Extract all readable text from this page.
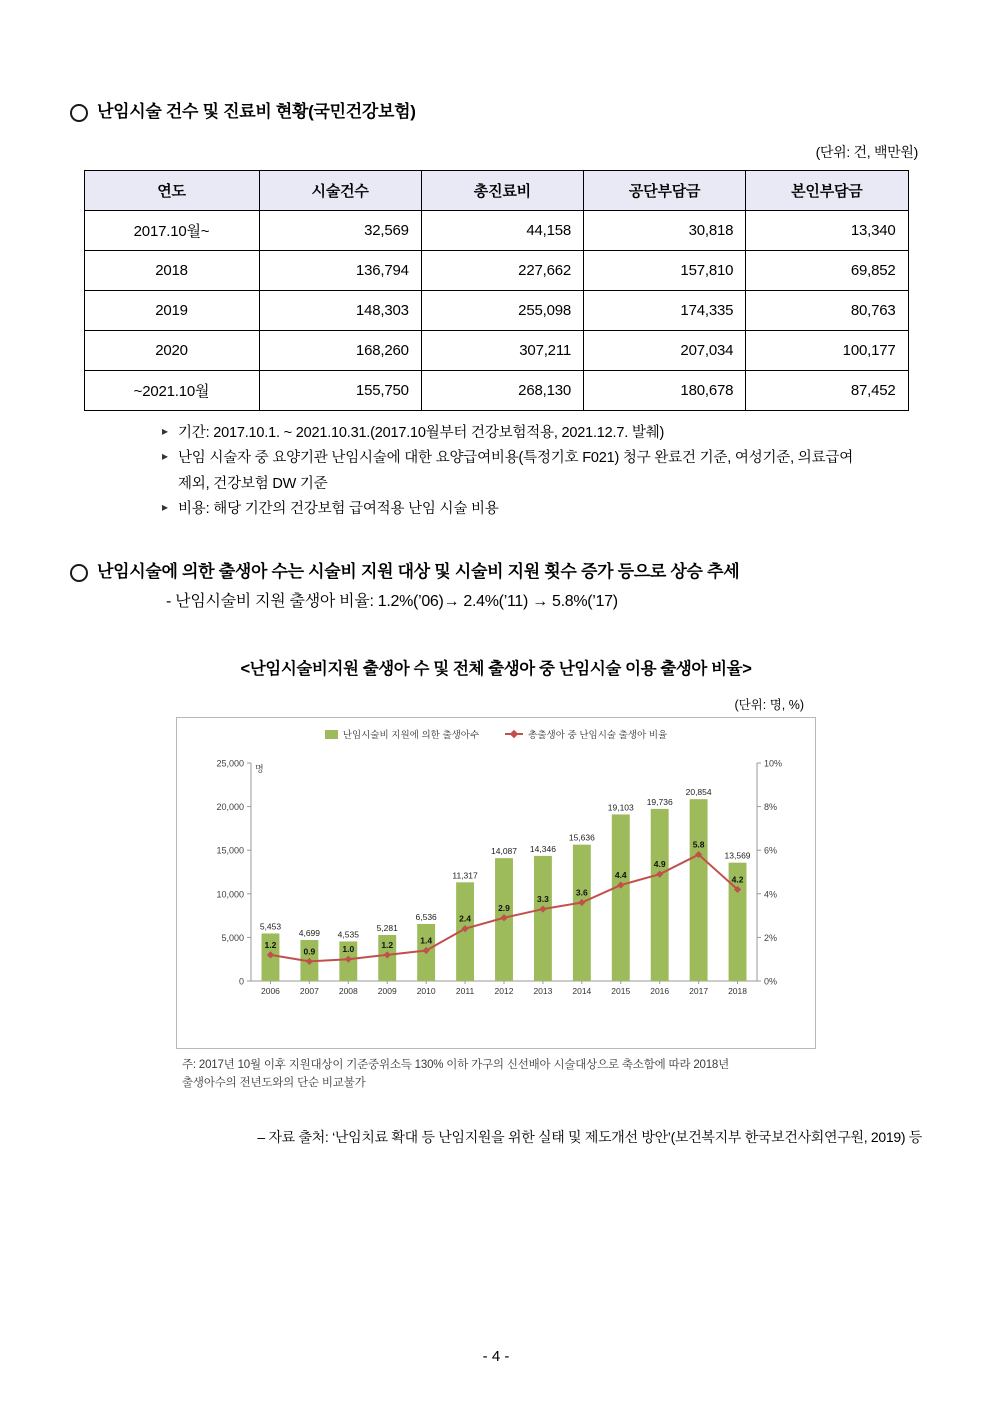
난임시술 건수 및 진료비 현황(국민건강보험)
(단위: 건, 백만원)
연도	시술건수	총진료비	공단부담금	본인부담금
2017.10월~	32,569	44,158	30,818	13,340
2018	136,794	227,662	157,810	69,852
2019	148,303	255,098	174,335	80,763
2020	168,260	307,211	207,034	100,177
~2021.10월	155,750	268,130	180,678	87,452
▸ 기간: 2017.10.1. ~ 2021.10.31.(2017.10월부터 건강보험적용, 2021.12.7. 발췌)
▸ 난임 시술자 중 요양기관 난임시술에 대한 요양급여비용(특정기호 F021) 청구 완료건 기준, 여성기준, 의료급여
제외, 건강보험 DW 기준
▸ 비용: 해당 기간의 건강보험 급여적용 난임 시술 비용
난임시술에 의한 출생아 수는 시술비 지원 대상 및 시술비 지원 횟수 증가 등으로 상승 추세
- 난임시술비 지원 출생아 비율: 1.2%(’06)→ 2.4%(’11) → 5.8%(’17)
<난임시술비지원 출생아 수 및 전체 출생아 중 난임시술 이용 출생아 비율>
(단위: 명, %)
난임시술비 지원에 의한 출생아수	총출생아 중 난임시술 출생아 비율
0
5,000
10,000
15,000
20,000
25,000
명
0%
2%
4%
6%
8%
10%
5,453
2006
4,699
2007
4,535
2008
5,281
2009
6,536
2010
11,317
2011
14,087
2012
14,346
2013
15,636
2014
19,103
2015
19,736
2016
20,854
2017
13,569
2018
1.2
0.9	1.0	1.2	1.4
2.4
2.9
3.3
3.6
4.4
4.9
5.8
4.2
주: 2017년 10월 이후 지원대상이 기준중위소득 130% 이하 가구의 신선배아 시술대상으로 축소함에 따라 2018년
출생아수의 전년도와의 단순 비교불가
– 자료 출처: ‘난임치료 확대 등 난임지원을 위한 실태 및 제도개선 방안’(보건복지부 한국보건사회연구원, 2019) 등
- 4 -
